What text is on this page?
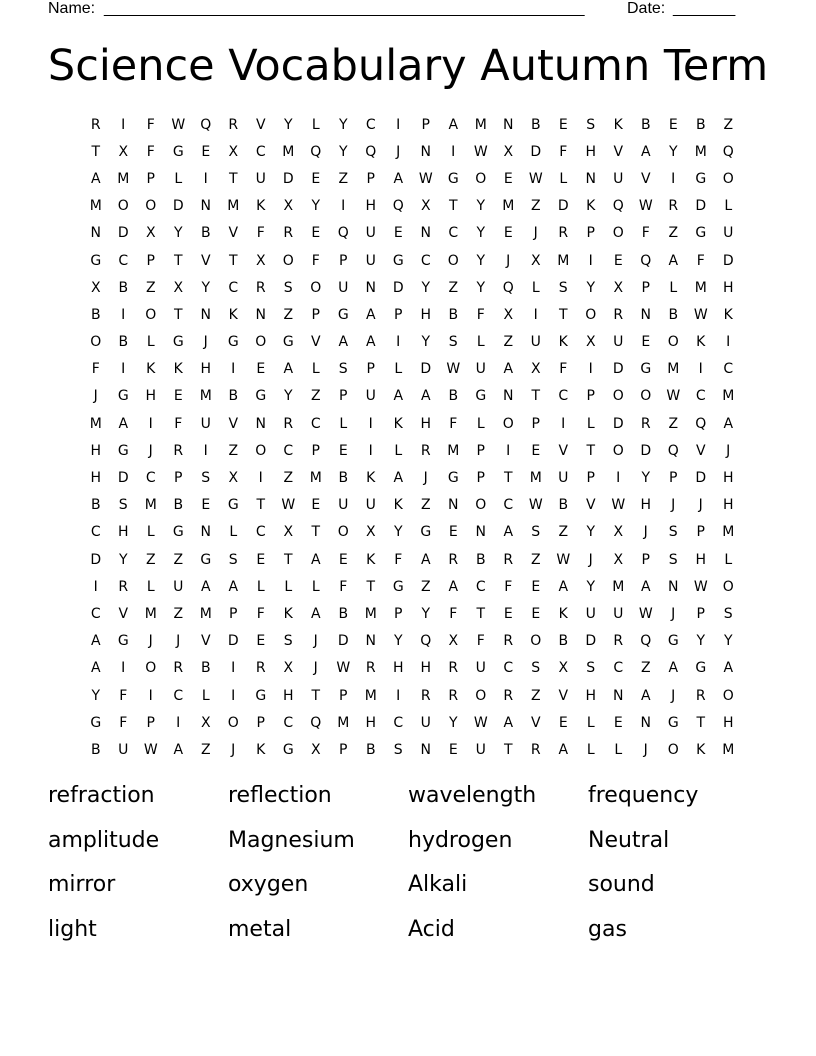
Name: ______________________________________________________	Date: _______
Science Vocabulary Autumn Term
R	I	F	W	Q	R	V	Y	L	Y	C	I	P	A	M	N	B	E	S	K	B	E	B	Z
T	X	F	G	E	X	C	M	Q	Y	Q	J	N	I	W	X	D	F	H	V	A	Y	M	Q
A	M	P	L	I	T	U	D	E	Z	P	A	W	G	O	E	W	L	N	U	V	I	G	O
M	O	O	D	N	M	K	X	Y	I	H	Q	X	T	Y	M	Z	D	K	Q	W	R	D	L
N	D	X	Y	B	V	F	R	E	Q	U	E	N	C	Y	E	J	R	P	O	F	Z	G	U
G	C	P	T	V	T	X	O	F	P	U	G	C	O	Y	J	X	M	I	E	Q	A	F	D
X	B	Z	X	Y	C	R	S	O	U	N	D	Y	Z	Y	Q	L	S	Y	X	P	L	M	H
B	I	O	T	N	K	N	Z	P	G	A	P	H	B	F	X	I	T	O	R	N	B	W	K
O	B	L	G	J	G	O	G	V	A	A	I	Y	S	L	Z	U	K	X	U	E	O	K	I
F	I	K	K	H	I	E	A	L	S	P	L	D	W	U	A	X	F	I	D	G	M	I	C
J	G	H	E	M	B	G	Y	Z	P	U	A	A	B	G	N	T	C	P	O	O	W	C	M
M	A	I	F	U	V	N	R	C	L	I	K	H	F	L	O	P	I	L	D	R	Z	Q	A
H	G	J	R	I	Z	O	C	P	E	I	L	R	M	P	I	E	V	T	O	D	Q	V	J
H	D	C	P	S	X	I	Z	M	B	K	A	J	G	P	T	M	U	P	I	Y	P	D	H
B	S	M	B	E	G	T	W	E	U	U	K	Z	N	O	C	W	B	V	W	H	J	J	H
C	H	L	G	N	L	C	X	T	O	X	Y	G	E	N	A	S	Z	Y	X	J	S	P	M
D	Y	Z	Z	G	S	E	T	A	E	K	F	A	R	B	R	Z	W	J	X	P	S	H	L
I	R	L	U	A	A	L	L	L	F	T	G	Z	A	C	F	E	A	Y	M	A	N	W	O
C	V	M	Z	M	P	F	K	A	B	M	P	Y	F	T	E	E	K	U	U	W	J	P	S
A	G	J	J	V	D	E	S	J	D	N	Y	Q	X	F	R	O	B	D	R	Q	G	Y	Y
A	I	O	R	B	I	R	X	J	W	R	H	H	R	U	C	S	X	S	C	Z	A	G	A
Y	F	I	C	L	I	G	H	T	P	M	I	R	R	O	R	Z	V	H	N	A	J	R	O
G	F	P	I	X	O	P	C	Q	M	H	C	U	Y	W	A	V	E	L	E	N	G	T	H
B	U	W	A	Z	J	K	G	X	P	B	S	N	E	U	T	R	A	L	L	J	O	K	M
refraction	reflection	wavelength	frequency
amplitude	Magnesium	hydrogen	Neutral
mirror	oxygen	Alkali	sound
light	metal	Acid	gas
